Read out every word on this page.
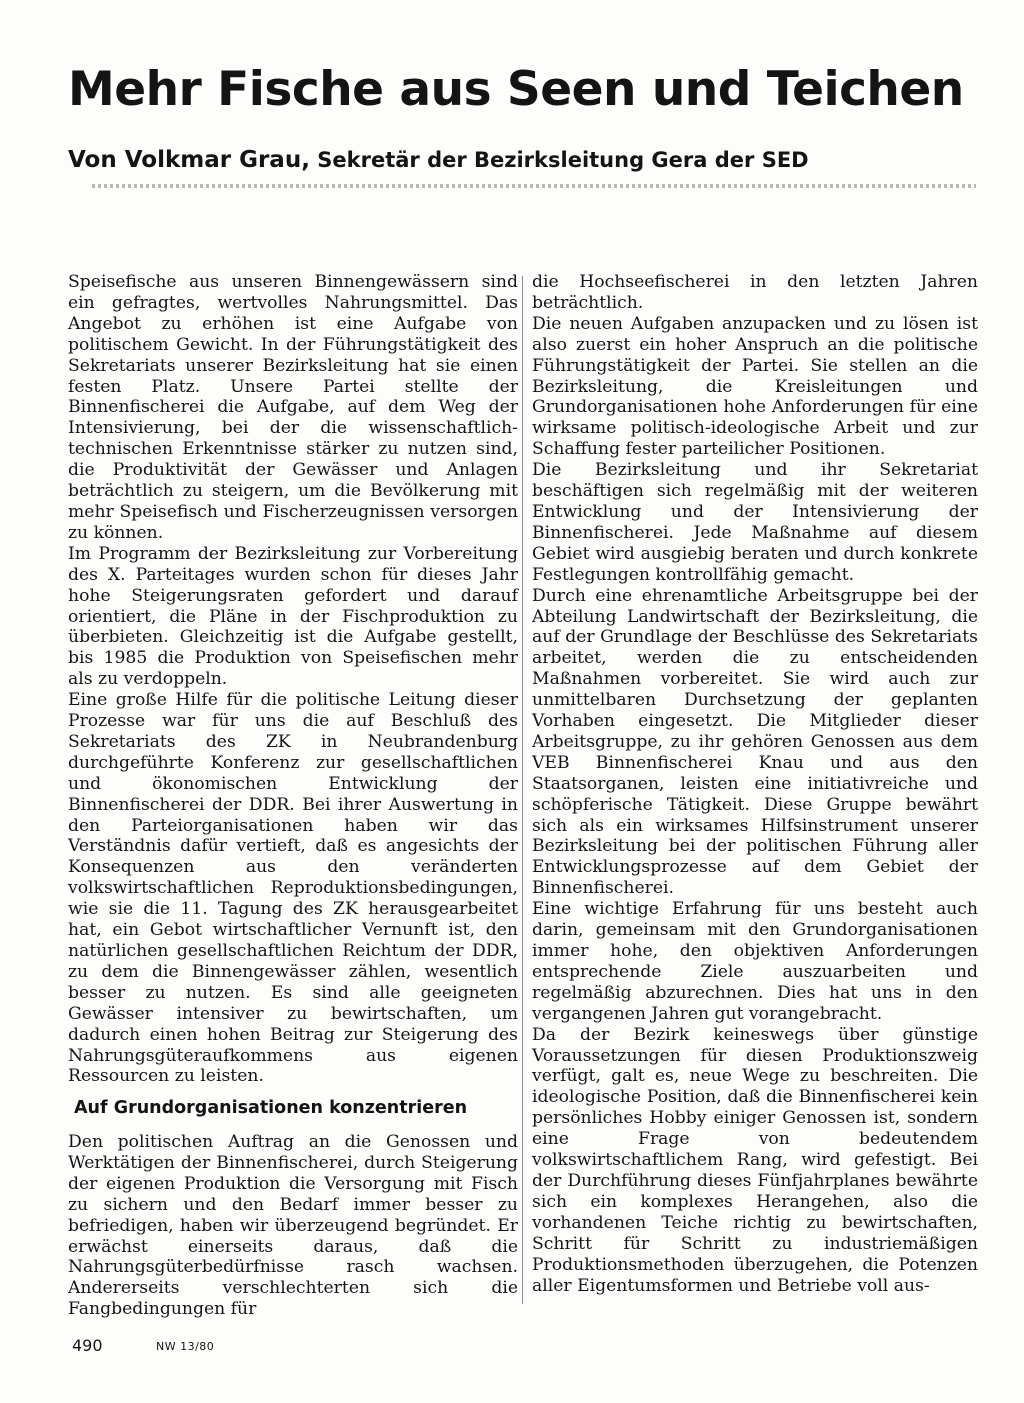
Mehr Fische aus Seen und Teichen
Von Volkmar Grau, Sekretär der Bezirksleitung Gera der SED

Speisefische aus unseren Binnengewässern sind ein gefragtes, wertvolles Nahrungsmittel. Das Angebot zu erhöhen ist eine Aufgabe von politischem Gewicht. In der Führungstätigkeit des Sekretariats unserer Bezirksleitung hat sie einen festen Platz. Unsere Partei stellte der Binnenfischerei die Aufgabe, auf dem Weg der Intensivierung, bei der die wissenschaftlich-technischen Erkenntnisse stärker zu nutzen sind, die Produktivität der Gewässer und Anlagen beträchtlich zu steigern, um die Bevölkerung mit mehr Speisefisch und Fischerzeugnissen versorgen zu können.

Im Programm der Bezirksleitung zur Vorbereitung des X. Parteitages wurden schon für dieses Jahr hohe Steigerungsraten gefordert und darauf orientiert, die Pläne in der Fischproduktion zu überbieten. Gleichzeitig ist die Aufgabe gestellt, bis 1985 die Produktion von Speisefischen mehr als zu verdoppeln.

Eine große Hilfe für die politische Leitung dieser Prozesse war für uns die auf Beschluß des Sekretariats des ZK in Neubrandenburg durchgeführte Konferenz zur gesellschaftlichen und ökonomischen Entwicklung der Binnenfischerei der DDR. Bei ihrer Auswertung in den Parteiorganisationen haben wir das Verständnis dafür vertieft, daß es angesichts der Konsequenzen aus den veränderten volkswirtschaftlichen Reproduktionsbedingungen, wie sie die 11. Tagung des ZK herausgearbeitet hat, ein Gebot wirtschaftlicher Vernunft ist, den natürlichen gesellschaftlichen Reichtum der DDR, zu dem die Binnengewässer zählen, wesentlich besser zu nutzen. Es sind alle geeigneten Gewässer intensiver zu bewirtschaften, um dadurch einen hohen Beitrag zur Steigerung des Nahrungsgüteraufkommens aus eigenen Ressourcen zu leisten.

Auf Grundorganisationen konzentrieren

Den politischen Auftrag an die Genossen und Werktätigen der Binnenfischerei, durch Steigerung der eigenen Produktion die Versorgung mit Fisch zu sichern und den Bedarf immer besser zu befriedigen, haben wir überzeugend begründet. Er erwächst einerseits daraus, daß die Nahrungsgüterbedürfnisse rasch wachsen. Andererseits verschlechterten sich die Fangbedingungen für

die Hochseefischerei in den letzten Jahren beträchtlich.

Die neuen Aufgaben anzupacken und zu lösen ist also zuerst ein hoher Anspruch an die politische Führungstätigkeit der Partei. Sie stellen an die Bezirksleitung, die Kreisleitungen und Grundorganisationen hohe Anforderungen für eine wirksame politisch-ideologische Arbeit und zur Schaffung fester parteilicher Positionen.

Die Bezirksleitung und ihr Sekretariat beschäftigen sich regelmäßig mit der weiteren Entwicklung und der Intensivierung der Binnenfischerei. Jede Maßnahme auf diesem Gebiet wird ausgiebig beraten und durch konkrete Festlegungen kontrollfähig gemacht.

Durch eine ehrenamtliche Arbeitsgruppe bei der Abteilung Landwirtschaft der Bezirksleitung, die auf der Grundlage der Beschlüsse des Sekretariats arbeitet, werden die zu entscheidenden Maßnahmen vorbereitet. Sie wird auch zur unmittelbaren Durchsetzung der geplanten Vorhaben eingesetzt. Die Mitglieder dieser Arbeitsgruppe, zu ihr gehören Genossen aus dem VEB Binnenfischerei Knau und aus den Staatsorganen, leisten eine initiativreiche und schöpferische Tätigkeit. Diese Gruppe bewährt sich als ein wirksames Hilfsinstrument unserer Bezirksleitung bei der politischen Führung aller Entwicklungsprozesse auf dem Gebiet der Binnenfischerei.

Eine wichtige Erfahrung für uns besteht auch darin, gemeinsam mit den Grundorganisationen immer hohe, den objektiven Anforderungen entsprechende Ziele auszuarbeiten und regelmäßig abzurechnen. Dies hat uns in den vergangenen Jahren gut vorangebracht.

Da der Bezirk keineswegs über günstige Voraussetzungen für diesen Produktionszweig verfügt, galt es, neue Wege zu beschreiten. Die ideologische Position, daß die Binnenfischerei kein persönliches Hobby einiger Genossen ist, sondern eine Frage von bedeutendem volkswirtschaftlichem Rang, wird gefestigt. Bei der Durchführung dieses Fünfjahrplanes bewährte sich ein komplexes Herangehen, also die vorhandenen Teiche richtig zu bewirtschaften, Schritt für Schritt zu industriemäßigen Produktionsmethoden überzugehen, die Potenzen aller Eigentumsformen und Betriebe voll aus-

490	NW 13/80
